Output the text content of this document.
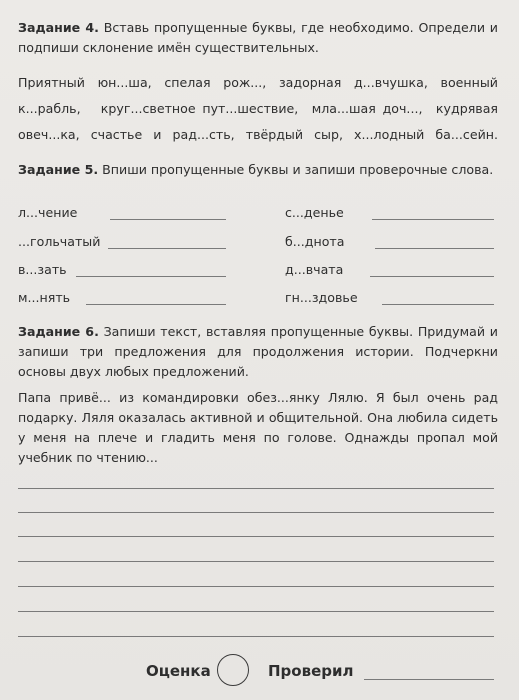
Задание 4. Вставь пропущенные буквы, где необходимо. Определи и подпиши склонение имён существительных.
Приятный юн...ша, спелая рож..., задорная д...вчушка, военный
к...рабль,   круг...светное пут...шествие,  мла...шая доч...,  кудрявая
овеч...ка, счастье и рад...сть, твёрдый сыр, х...лодный ба...сейн.
Задание 5. Впиши пропущенные буквы и запиши проверочные слова.
л...чение
...гольчатый
в...зать
м...нять
с...денье
б...днота
д...вчата
гн...здовье
Задание 6. Запиши текст, вставляя пропущенные буквы. Придумай и запиши три предложения для продолжения истории. Подчеркни основы двух любых предложений.
Папа привё... из командировки обез...янку Лялю. Я был очень рад подарку. Ляля оказалась активной и общительной. Она любила сидеть у меня на плече и гладить меня по голове. Однажды пропал мой учебник по чтению...
Оценка	Проверил
